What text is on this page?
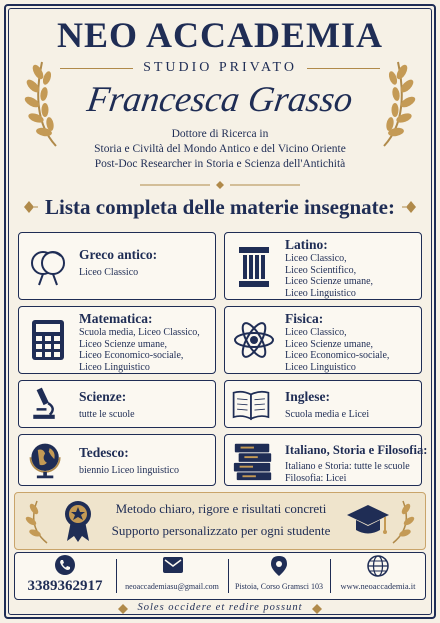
NEO ACCADEMIA
STUDIO PRIVATO
Francesca Grasso
Dottore di Ricerca in
Storia e Civiltà del Mondo Antico e del Vicino Oriente
Post-Doc Researcher in Storia e Scienza dell'Antichità
Lista completa delle materie insegnate:
Greco antico:
Liceo Classico
Latino:
Liceo Classico,
Liceo Scientifico,
Liceo Scienze umane,
Liceo Linguistico
Matematica:
Scuola media, Liceo Classico,
Liceo Scienze umane,
Liceo Economico-sociale,
Liceo Linguistico
Fisica:
Liceo Classico,
Liceo Scienze umane,
Liceo Economico-sociale,
Liceo Linguistico
Scienze:
tutte le scuole
Inglese:
Scuola media e Licei
Tedesco:
biennio Liceo linguistico
Italiano, Storia e Filosofia:
Italiano e Storia: tutte le scuole
Filosofia: Licei
Metodo chiaro, rigore e risultati concreti
Supporto personalizzato per ogni studente
3389362917	neoaccademiasu@gmail.com	Pistoia, Corso Gramsci 103	www.neoaccademia.it
Soles occidere et redire possunt
